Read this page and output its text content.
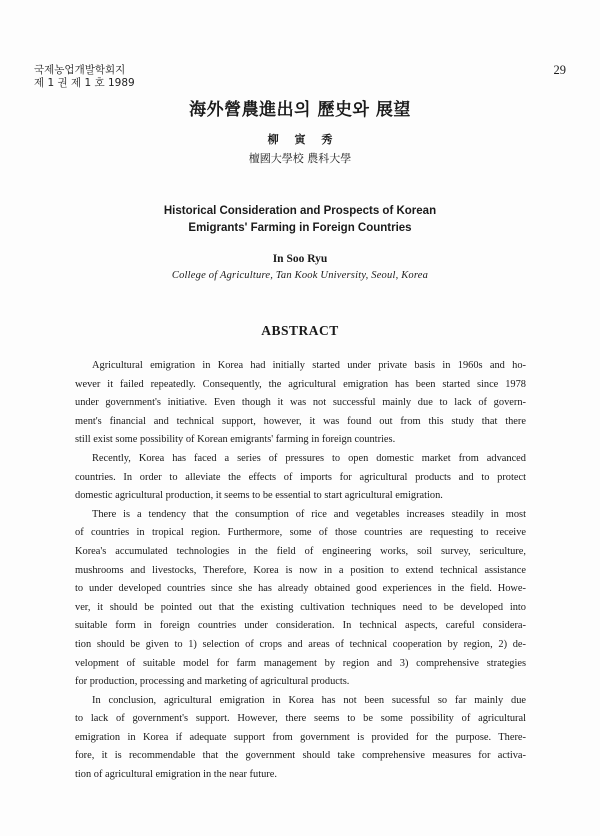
국제농업개발학회지
제 1 권 제 1 호 1989
29
海外營農進出의 歷史와 展望
柳 寅 秀
檀國大學校 農科大學
Historical Consideration and Prospects of Korean
Emigrants' Farming in Foreign Countries
In Soo Ryu
College of Agriculture, Tan Kook University, Seoul, Korea
ABSTRACT

Agricultural emigration in Korea had initially started under private basis in 1960s and ho-
wever it failed repeatedly. Consequently, the agricultural emigration has been started since 1978
under government's initiative. Even though it was not successful mainly due to lack of govern-
ment's financial and technical support, however, it was found out from this study that there
still exist some possibility of Korean emigrants' farming in foreign countries.

Recently, Korea has faced a series of pressures to open domestic market from advanced
countries. In order to alleviate the effects of imports for agricultural products and to protect
domestic agricultural production, it seems to be essential to start agricultural emigration.

There is a tendency that the consumption of rice and vegetables increases steadily in most
of countries in tropical region. Furthermore, some of those countries are requesting to receive
Korea's accumulated technologies in the field of engineering works, soil survey, sericulture,
mushrooms and livestocks, Therefore, Korea is now in a position to extend technical assistance
to under developed countries since she has already obtained good experiences in the field. Howe-
ver, it should be pointed out that the existing cultivation techniques need to be developed into
suitable form in foreign countries under consideration. In technical aspects, careful considera-
tion should be given to 1) selection of crops and areas of technical cooperation by region, 2) de-
velopment of suitable model for farm management by region and 3) comprehensive strategies
for production, processing and marketing of agricultural products.

In conclusion, agricultural emigration in Korea has not been sucessful so far mainly due
to lack of government's support. However, there seems to be some possibility of agricultural
emigration in Korea if adequate support from government is provided for the purpose. There-
fore, it is recommendable that the government should take comprehensive measures for activa-
tion of agricultural emigration in the near future.
